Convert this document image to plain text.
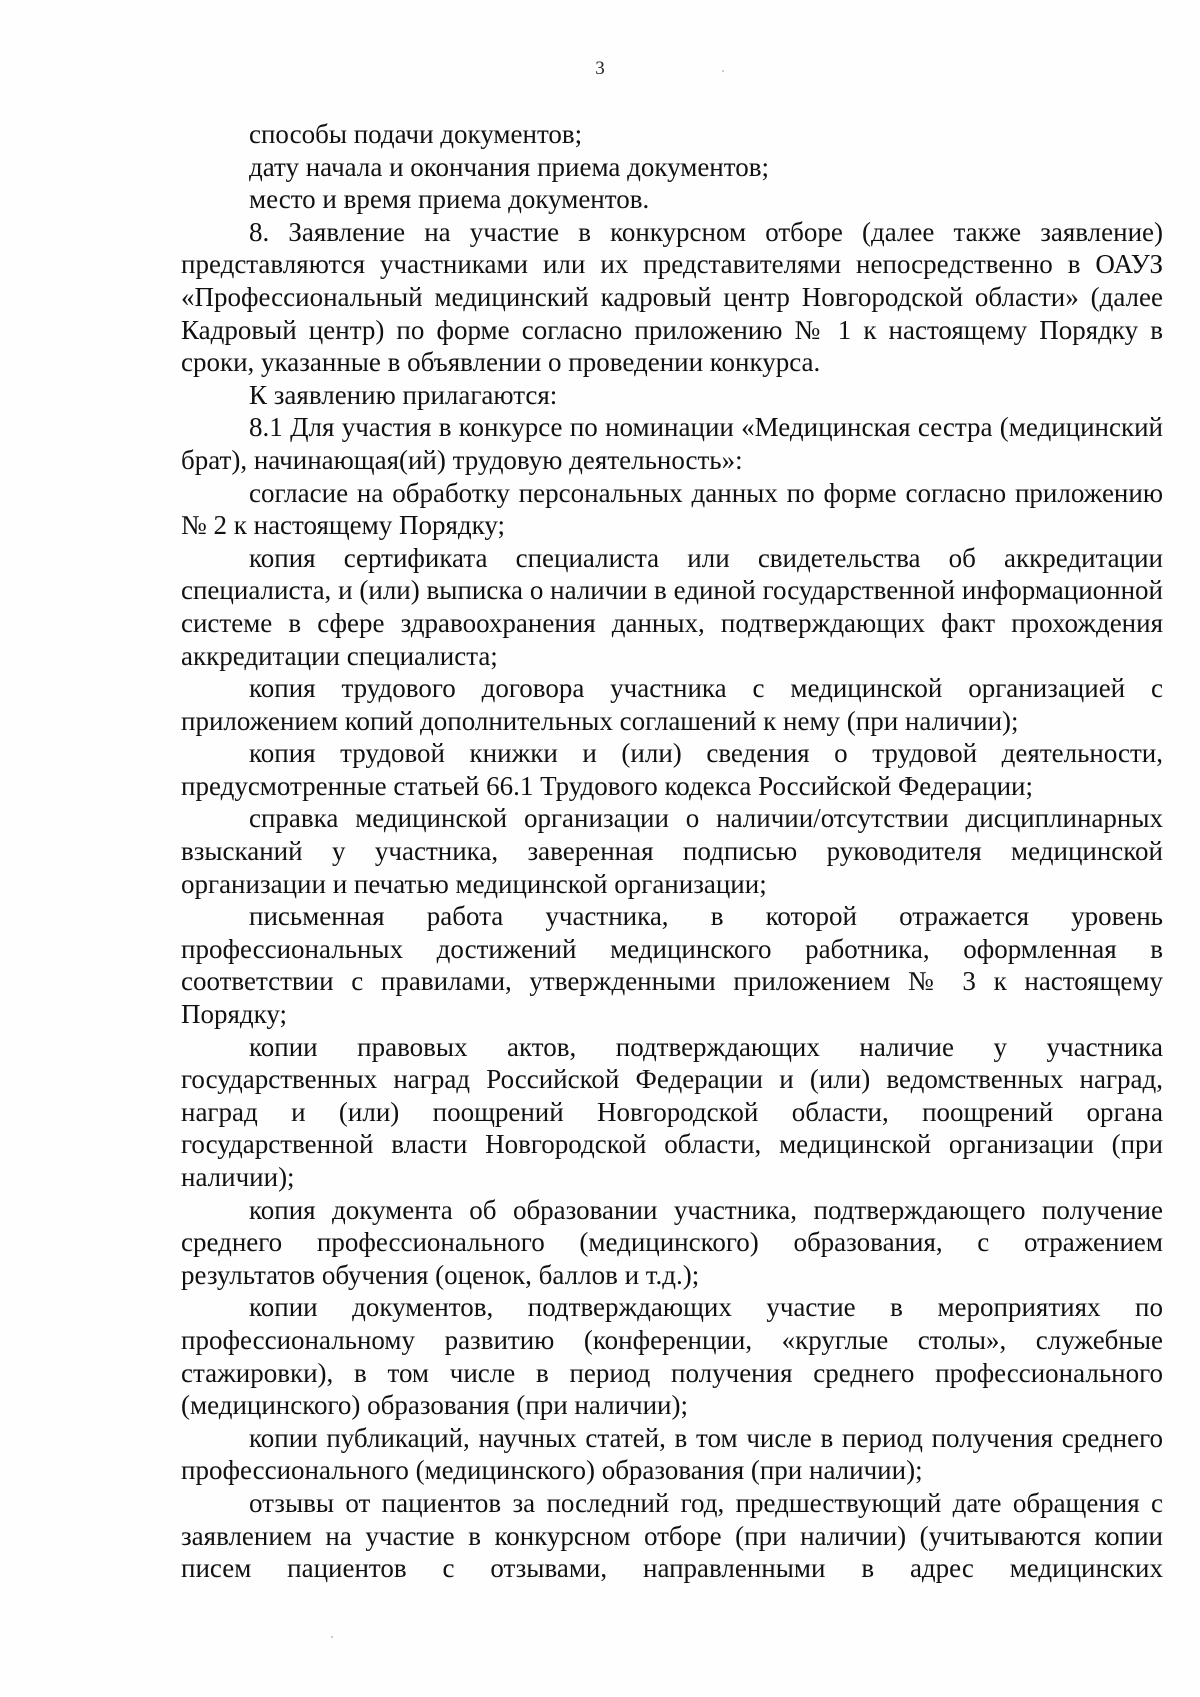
3

способы подачи документов;

дату начала и окончания приема документов;

место и время приема документов.

8. Заявление на участие в конкурсном отборе (далее также заявление) представляются участниками или их представителями непосредственно в ОАУЗ «Профессиональный медицинский кадровый центр Новгородской области» (далее Кадровый центр) по форме согласно приложению № 1 к настоящему Порядку в сроки, указанные в объявлении о проведении конкурса.

К заявлению прилагаются:

8.1 Для участия в конкурсе по номинации «Медицинская сестра (медицинский брат), начинающая(ий) трудовую деятельность»:

согласие на обработку персональных данных по форме согласно приложению № 2 к настоящему Порядку;

копия сертификата специалиста или свидетельства об аккредитации специалиста, и (или) выписка о наличии в единой государственной информационной системе в сфере здравоохранения данных, подтверждающих факт прохождения аккредитации специалиста;

копия трудового договора участника с медицинской организацией с приложением копий дополнительных соглашений к нему (при наличии);

копия трудовой книжки и (или) сведения о трудовой деятельности, предусмотренные статьей 66.1 Трудового кодекса Российской Федерации;

справка медицинской организации о наличии/отсутствии дисциплинарных взысканий у участника, заверенная подписью руководителя медицинской организации и печатью медицинской организации;

письменная работа участника, в которой отражается уровень профессиональных достижений медицинского работника, оформленная в соответствии с правилами, утвержденными приложением № 3 к настоящему Порядку;

копии правовых актов, подтверждающих наличие у участника государственных наград Российской Федерации и (или) ведомственных наград, наград и (или) поощрений Новгородской области, поощрений органа государственной власти Новгородской области, медицинской организации (при наличии);

копия документа об образовании участника, подтверждающего получение среднего профессионального (медицинского) образования, с отражением результатов обучения (оценок, баллов и т.д.);

копии документов, подтверждающих участие в мероприятиях по профессиональному развитию (конференции, «круглые столы», служебные стажировки), в том числе в период получения среднего профессионального (медицинского) образования (при наличии);

копии публикаций, научных статей, в том числе в период получения среднего профессионального (медицинского) образования (при наличии);

отзывы от пациентов за последний год, предшествующий дате обращения с заявлением на участие в конкурсном отборе (при наличии) (учитываются копии писем пациентов с отзывами, направленными в адрес медицинских
